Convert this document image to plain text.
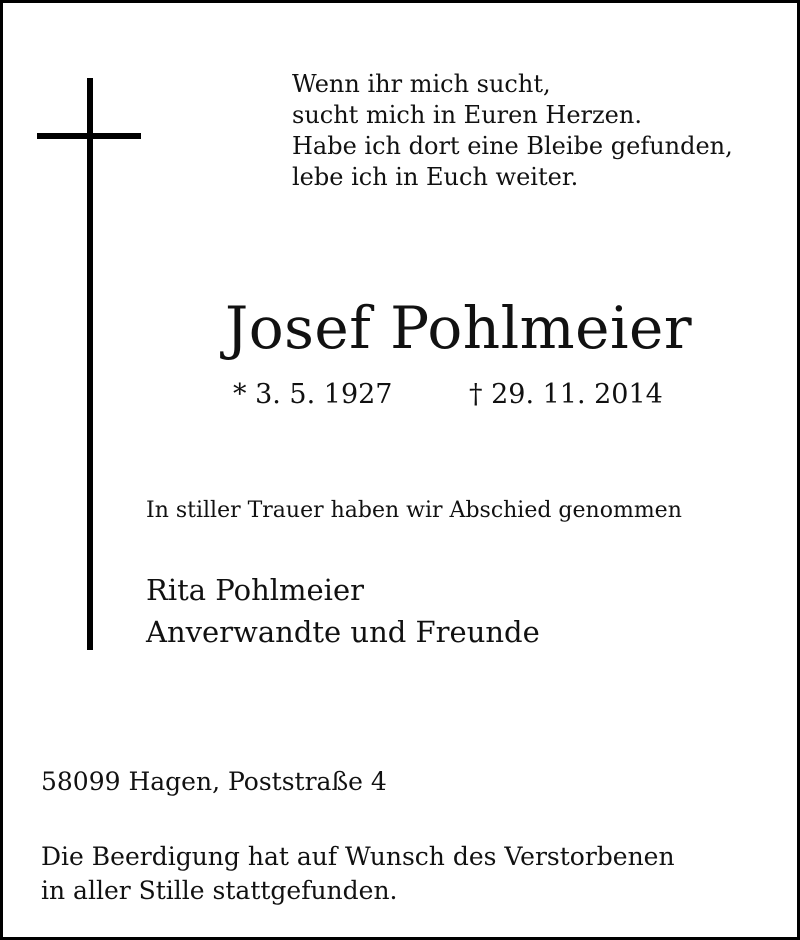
Wenn ihr mich sucht,
sucht mich in Euren Herzen.
Habe ich dort eine Bleibe gefunden,
lebe ich in Euch weiter.
Josef Pohlmeier
* 3. 5. 1927	† 29. 11. 2014
In stiller Trauer haben wir Abschied genommen
Rita Pohlmeier
Anverwandte und Freunde
58099 Hagen, Poststraße 4
Die Beerdigung hat auf Wunsch des Verstorbenen
in aller Stille stattgefunden.
